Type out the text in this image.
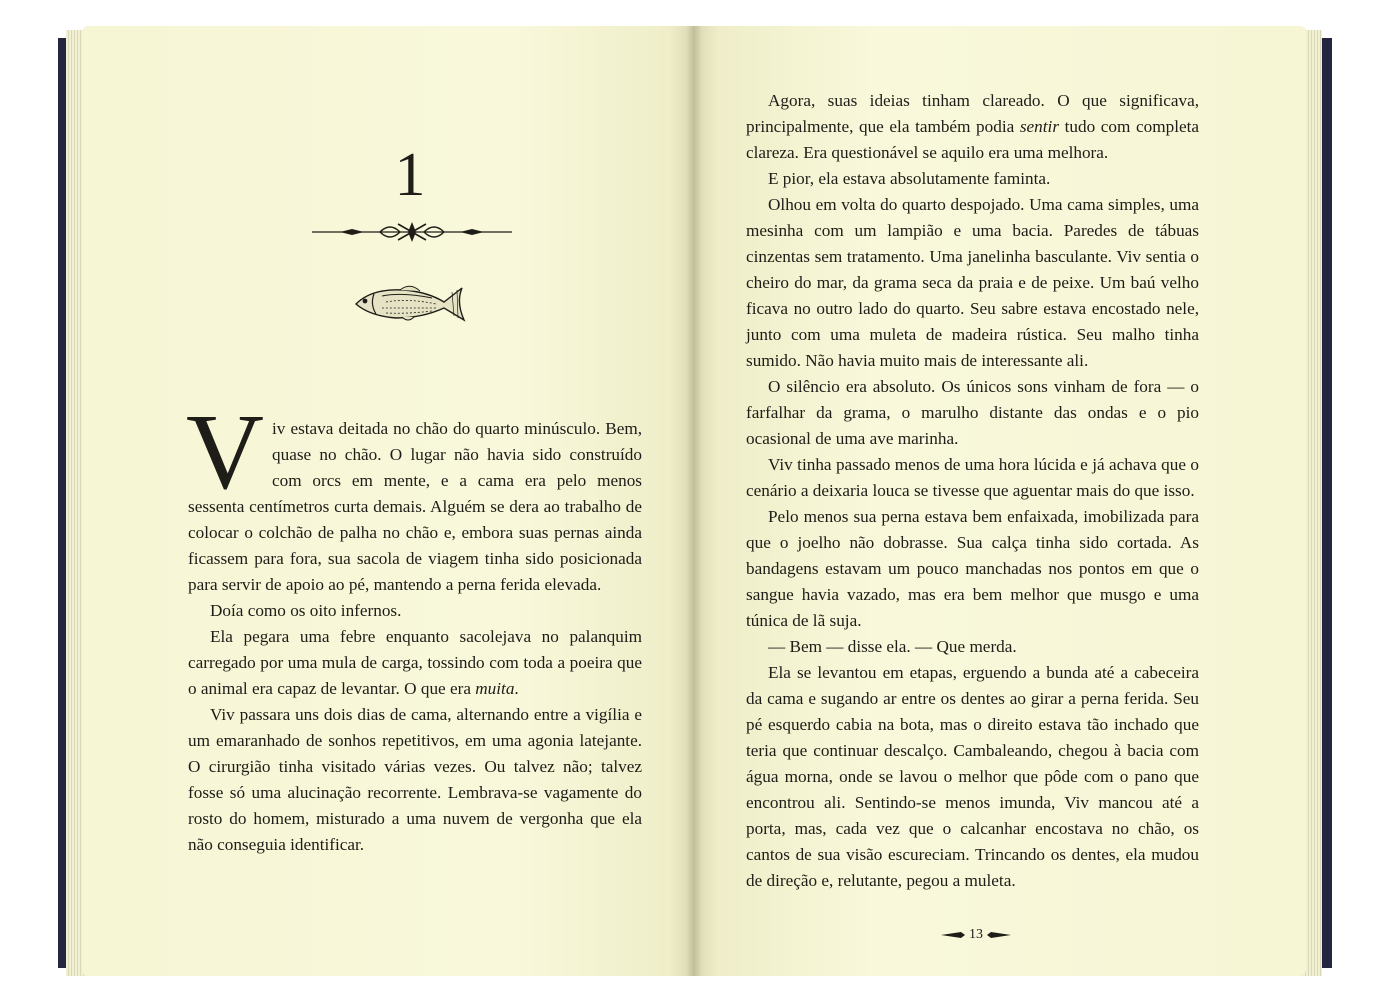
1

Viv estava deitada no chão do quarto minúsculo. Bem, quase no chão. O lugar não havia sido construído com orcs em mente, e a cama era pelo menos sessenta centímetros curta demais. Alguém se dera ao trabalho de colocar o colchão de palha no chão e, embora suas pernas ainda ficassem para fora, sua sacola de viagem tinha sido posicionada para servir de apoio ao pé, mantendo a perna ferida elevada.

Doía como os oito infernos.

Ela pegara uma febre enquanto sacolejava no palanquim carregado por uma mula de carga, tossindo com toda a poeira que o animal era capaz de levantar. O que era muita.

Viv passara uns dois dias de cama, alternando entre a vigília e um emaranhado de sonhos repetitivos, em uma agonia latejante. O cirurgião tinha visitado várias vezes. Ou talvez não; talvez fosse só uma alucinação recorrente. Lembrava-se vagamente do rosto do homem, misturado a uma nuvem de vergonha que ela não conseguia identificar.

Agora, suas ideias tinham clareado. O que significava, principalmente, que ela também podia sentir tudo com completa clareza. Era questionável se aquilo era uma melhora.

E pior, ela estava absolutamente faminta.

Olhou em volta do quarto despojado. Uma cama simples, uma mesinha com um lampião e uma bacia. Paredes de tábuas cinzentas sem tratamento. Uma janelinha basculante. Viv sentia o cheiro do mar, da grama seca da praia e de peixe. Um baú velho ficava no outro lado do quarto. Seu sabre estava encostado nele, junto com uma muleta de madeira rústica. Seu malho tinha sumido. Não havia muito mais de interessante ali.

O silêncio era absoluto. Os únicos sons vinham de fora — o farfalhar da grama, o marulho distante das ondas e o pio ocasional de uma ave marinha.

Viv tinha passado menos de uma hora lúcida e já achava que o cenário a deixaria louca se tivesse que aguentar mais do que isso.

Pelo menos sua perna estava bem enfaixada, imobilizada para que o joelho não dobrasse. Sua calça tinha sido cortada. As bandagens estavam um pouco manchadas nos pontos em que o sangue havia vazado, mas era bem melhor que musgo e uma túnica de lã suja.

— Bem — disse ela. — Que merda.

Ela se levantou em etapas, erguendo a bunda até a cabeceira da cama e sugando ar entre os dentes ao girar a perna ferida. Seu pé esquerdo cabia na bota, mas o direito estava tão inchado que teria que continuar descalço. Cambaleando, chegou à bacia com água morna, onde se lavou o melhor que pôde com o pano que encontrou ali. Sentindo-se menos imunda, Viv mancou até a porta, mas, cada vez que o calcanhar encostava no chão, os cantos de sua visão escureciam. Trincando os dentes, ela mudou de direção e, relutante, pegou a muleta.

13
